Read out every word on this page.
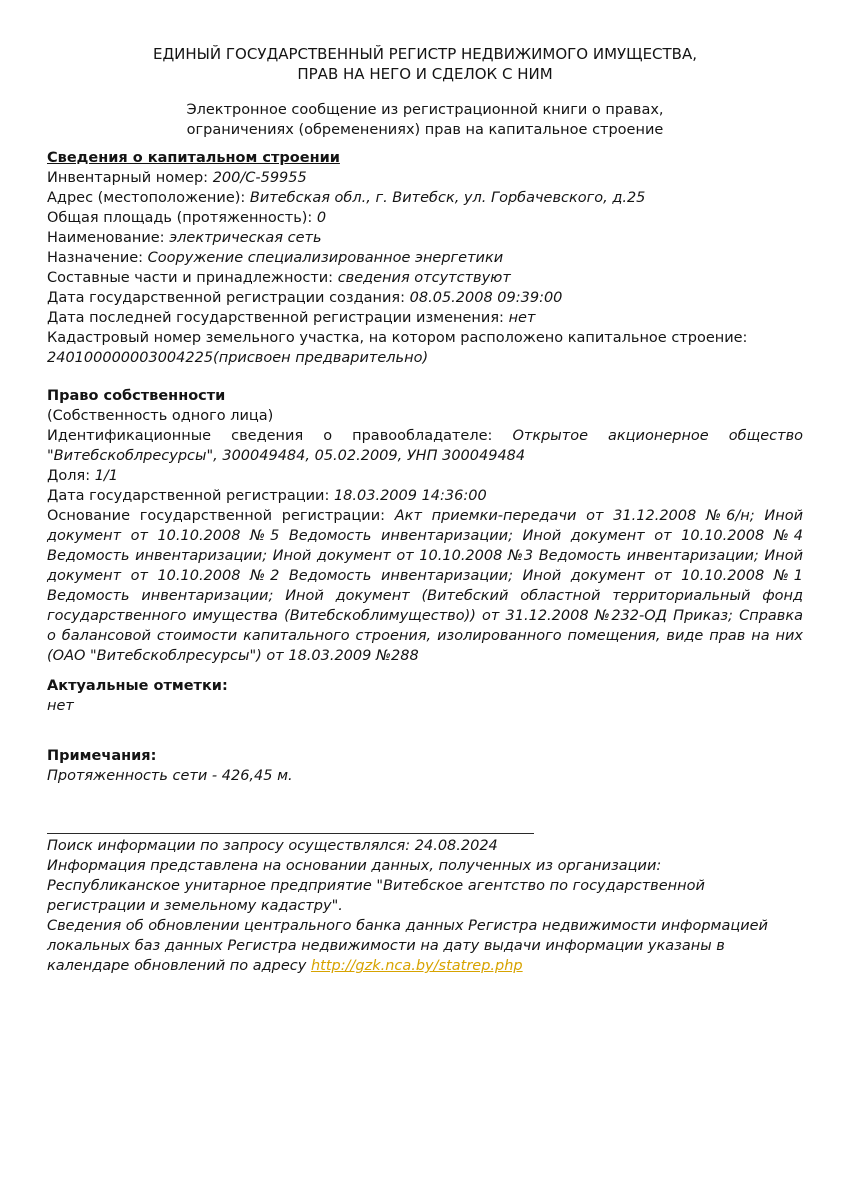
ЕДИНЫЙ ГОСУДАРСТВЕННЫЙ РЕГИСТР НЕДВИЖИМОГО ИМУЩЕСТВА,
ПРАВ НА НЕГО И СДЕЛОК С НИМ
Электронное сообщение из регистрационной книги о правах,
ограничениях (обременениях) прав на капитальное строение
Сведения о капитальном строении
Инвентарный номер: 200/C-59955
Адрес (местоположение): Витебская обл., г. Витебск, ул. Горбачевского, д.25
Общая площадь (протяженность): 0
Наименование: электрическая сеть
Назначение: Сооружение специализированное энергетики
Составные части и принадлежности: сведения отсутствуют
Дата государственной регистрации создания: 08.05.2008 09:39:00
Дата последней государственной регистрации изменения: нет
Кадастровый номер земельного участка, на котором расположено капитальное строение:
240100000003004225(присвоен предварительно)
Право собственности
(Собственность одного лица)

Идентификационные сведения о правообладателе: Открытое акционерное общество "Витебскоблресурсы", 300049484, 05.02.2009, УНП 300049484

Доля: 1/1
Дата государственной регистрации: 18.03.2009 14:36:00

Основание государственной регистрации: Акт приемки-передачи от 31.12.2008 №6/н; Иной документ от 10.10.2008 №5 Ведомость инвентаризации; Иной документ от 10.10.2008 №4 Ведомость инвентаризации; Иной документ от 10.10.2008 №3 Ведомость инвентаризации; Иной документ от 10.10.2008 №2 Ведомость инвентаризации; Иной документ от 10.10.2008 №1 Ведомость инвентаризации; Иной документ (Витебский областной территориальный фонд государственного имущества (Витебскоблимущество)) от 31.12.2008 №232-ОД Приказ; Справка о балансовой стоимости капитального строения, изолированного помещения, виде прав на них (ОАО "Витебскоблресурсы") от 18.03.2009 №288

Актуальные отметки:
нет
Примечания:
Протяженность сети - 426,45 м.
Поиск информации по запросу осуществлялся: 24.08.2024
Информация представлена на основании данных, полученных из организации:

Республиканское унитарное предприятие "Витебское агентство по государственной регистрации и земельному кадастру".

Сведения об обновлении центрального банка данных Регистра недвижимости информацией локальных баз данных Регистра недвижимости на дату выдачи информации указаны в календаре обновлений по адресу http://gzk.nca.by/statrep.php
